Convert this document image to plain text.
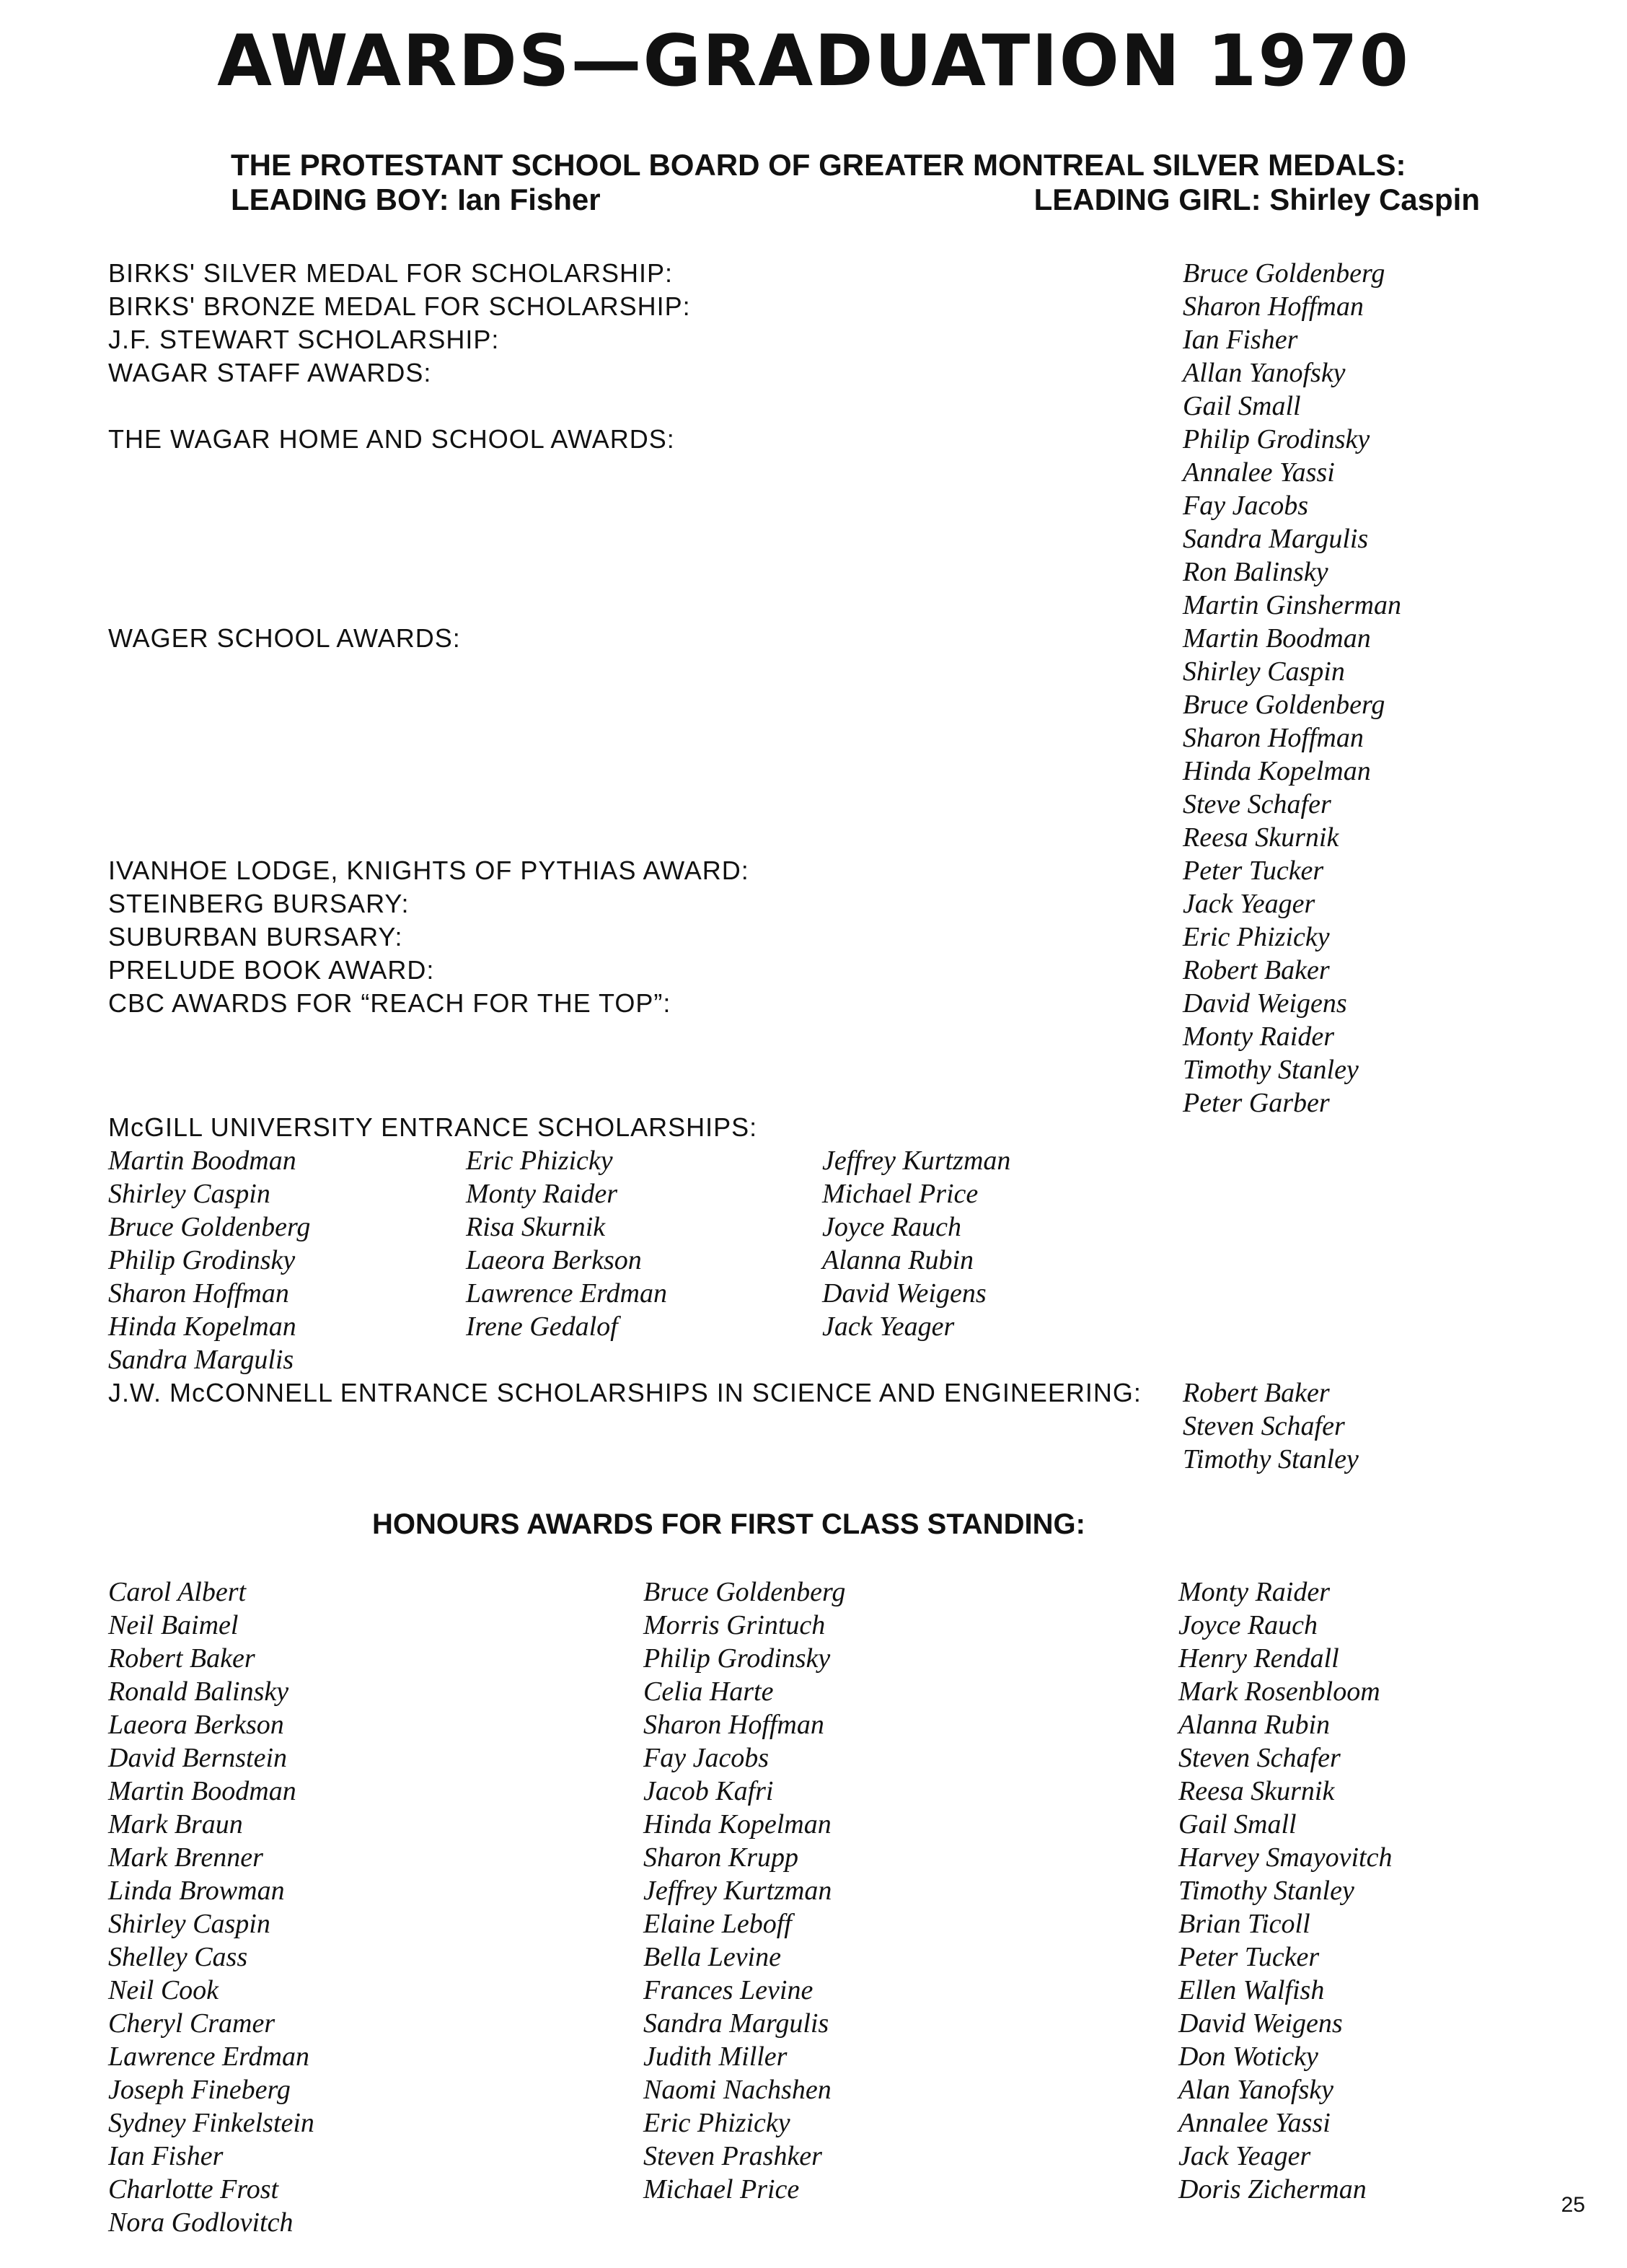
AWARDS—GRADUATION 1970
THE PROTESTANT SCHOOL BOARD OF GREATER MONTREAL SILVER MEDALS:
LEADING BOY: Ian Fisher	LEADING GIRL: Shirley Caspin
BIRKS' SILVER MEDAL FOR SCHOLARSHIP:
BIRKS' BRONZE MEDAL FOR SCHOLARSHIP:
J.F. STEWART SCHOLARSHIP:
WAGAR STAFF AWARDS:
THE WAGAR HOME AND SCHOOL AWARDS:
WAGER SCHOOL AWARDS:
IVANHOE LODGE, KNIGHTS OF PYTHIAS AWARD:
STEINBERG BURSARY:
SUBURBAN BURSARY:
PRELUDE BOOK AWARD:
CBC AWARDS FOR “REACH FOR THE TOP”:
Bruce Goldenberg
Sharon Hoffman
Ian Fisher
Allan Yanofsky
Gail Small
Philip Grodinsky
Annalee Yassi
Fay Jacobs
Sandra Margulis
Ron Balinsky
Martin Ginsherman
Martin Boodman
Shirley Caspin
Bruce Goldenberg
Sharon Hoffman
Hinda Kopelman
Steve Schafer
Reesa Skurnik
Peter Tucker
Jack Yeager
Eric Phizicky
Robert Baker
David Weigens
Monty Raider
Timothy Stanley
Peter Garber
McGILL UNIVERSITY ENTRANCE SCHOLARSHIPS:
Martin Boodman
Shirley Caspin
Bruce Goldenberg
Philip Grodinsky
Sharon Hoffman
Hinda Kopelman
Sandra Margulis
Eric Phizicky
Monty Raider
Risa Skurnik
Laeora Berkson
Lawrence Erdman
Irene Gedalof
Jeffrey Kurtzman
Michael Price
Joyce Rauch
Alanna Rubin
David Weigens
Jack Yeager
J.W. McCONNELL ENTRANCE SCHOLARSHIPS IN SCIENCE AND ENGINEERING: Robert Baker
Steven Schafer
Timothy Stanley
HONOURS AWARDS FOR FIRST CLASS STANDING:
Carol Albert
Neil Baimel
Robert Baker
Ronald Balinsky
Laeora Berkson
David Bernstein
Martin Boodman
Mark Braun
Mark Brenner
Linda Browman
Shirley Caspin
Shelley Cass
Neil Cook
Cheryl Cramer
Lawrence Erdman
Joseph Fineberg
Sydney Finkelstein
Ian Fisher
Charlotte Frost
Nora Godlovitch
Bruce Goldenberg
Morris Grintuch
Philip Grodinsky
Celia Harte
Sharon Hoffman
Fay Jacobs
Jacob Kafri
Hinda Kopelman
Sharon Krupp
Jeffrey Kurtzman
Elaine Leboff
Bella Levine
Frances Levine
Sandra Margulis
Judith Miller
Naomi Nachshen
Eric Phizicky
Steven Prashker
Michael Price
Monty Raider
Joyce Rauch
Henry Rendall
Mark Rosenbloom
Alanna Rubin
Steven Schafer
Reesa Skurnik
Gail Small
Harvey Smayovitch
Timothy Stanley
Brian Ticoll
Peter Tucker
Ellen Walfish
David Weigens
Don Woticky
Alan Yanofsky
Annalee Yassi
Jack Yeager
Doris Zicherman
25
